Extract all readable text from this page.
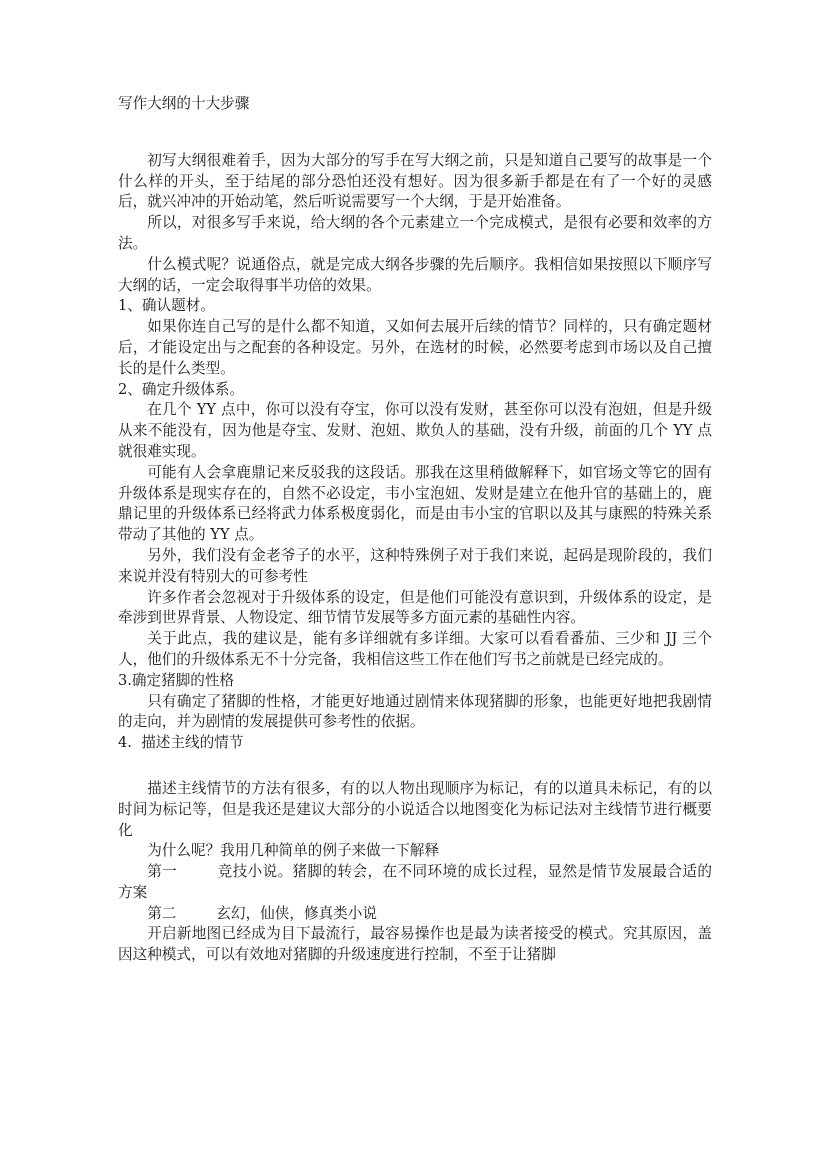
写作大纲的十大步骤

初写大纲很难着手，因为大部分的写手在写大纲之前，只是知道自己要写的故事是一个什么样的开头，至于结尾的部分恐怕还没有想好。因为很多新手都是在有了一个好的灵感后，就兴冲冲的开始动笔，然后听说需要写一个大纲，于是开始准备。

所以，对很多写手来说，给大纲的各个元素建立一个完成模式，是很有必要和效率的方法。

什么模式呢？说通俗点，就是完成大纲各步骤的先后顺序。我相信如果按照以下顺序写大纲的话，一定会取得事半功倍的效果。

1、确认题材。

如果你连自己写的是什么都不知道，又如何去展开后续的情节？同样的，只有确定题材后，才能设定出与之配套的各种设定。另外，在选材的时候，必然要考虑到市场以及自己擅长的是什么类型。

2、确定升级体系。

在几个 YY 点中，你可以没有夺宝，你可以没有发财，甚至你可以没有泡妞，但是升级从来不能没有，因为他是夺宝、发财、泡妞、欺负人的基础，没有升级，前面的几个 YY 点就很难实现。

可能有人会拿鹿鼎记来反驳我的这段话。那我在这里稍做解释下，如官场文等它的固有升级体系是现实存在的，自然不必设定，韦小宝泡妞、发财是建立在他升官的基础上的，鹿鼎记里的升级体系已经将武力体系极度弱化，而是由韦小宝的官职以及其与康熙的特殊关系带动了其他的 YY 点。

另外，我们没有金老爷子的水平，这种特殊例子对于我们来说，起码是现阶段的，我们来说并没有特别大的可参考性

许多作者会忽视对于升级体系的设定，但是他们可能没有意识到，升级体系的设定，是牵涉到世界背景、人物设定、细节情节发展等多方面元素的基础性内容。

关于此点，我的建议是，能有多详细就有多详细。大家可以看看番茄、三少和 JJ 三个人，他们的升级体系无不十分完备，我相信这些工作在他们写书之前就是已经完成的。

3.确定猪脚的性格

只有确定了猪脚的性格，才能更好地通过剧情来体现猪脚的形象，也能更好地把我剧情的走向，并为剧情的发展提供可参考性的依据。

4.  描述主线的情节

描述主线情节的方法有很多，有的以人物出现顺序为标记，有的以道具未标记，有的以时间为标记等，但是我还是建议大部分的小说适合以地图变化为标记法对主线情节进行概要化

为什么呢？我用几种简单的例子来做一下解释

第一	竞技小说。猪脚的转会，在不同环境的成长过程，显然是情节发展最合适的方案

第二	玄幻，仙侠，修真类小说

开启新地图已经成为目下最流行，最容易操作也是最为读者接受的模式。究其原因，盖因这种模式，可以有效地对猪脚的升级速度进行控制，不至于让猪脚
